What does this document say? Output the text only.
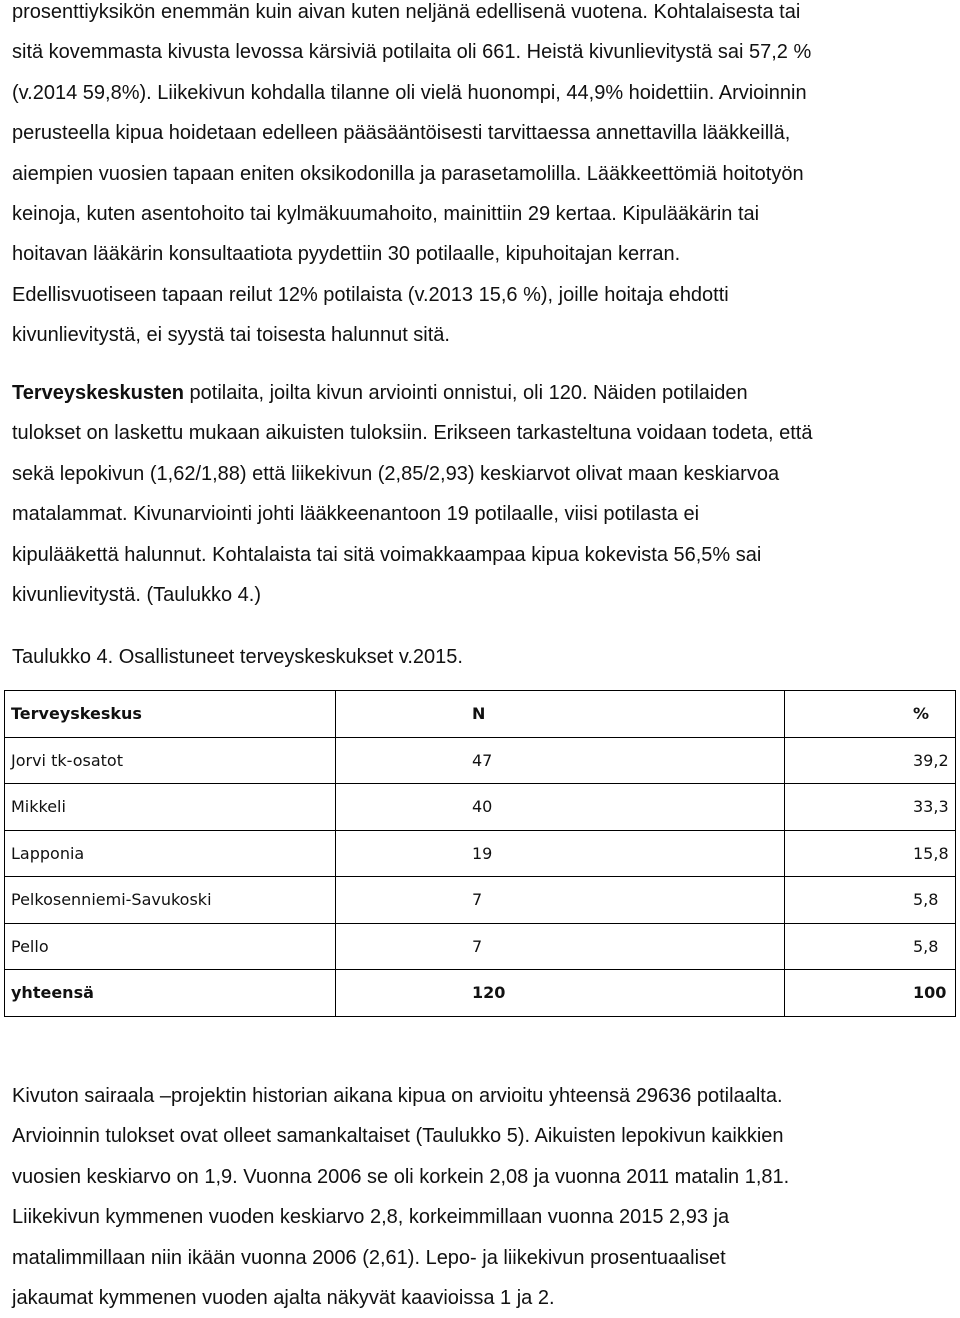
prosenttiyksikön enemmän kuin aivan kuten neljänä edellisenä vuotena. Kohtalaisesta tai
sitä kovemmasta kivusta levossa kärsiviä potilaita oli 661. Heistä kivunlievitystä sai 57,2 %
(v.2014 59,8%). Liikekivun kohdalla tilanne oli vielä huonompi, 44,9% hoidettiin. Arvioinnin
perusteella kipua hoidetaan edelleen pääsääntöisesti tarvittaessa annettavilla lääkkeillä,
aiempien vuosien tapaan eniten oksikodonilla ja parasetamolilla. Lääkkeettömiä hoitotyön
keinoja, kuten asentohoito tai kylmäkuumahoito, mainittiin 29 kertaa. Kipulääkärin tai
hoitavan lääkärin konsultaatiota pyydettiin 30 potilaalle, kipuhoitajan kerran.
Edellisvuotiseen tapaan reilut 12% potilaista (v.2013 15,6 %), joille hoitaja ehdotti
kivunlievitystä, ei syystä tai toisesta halunnut sitä.
Terveyskeskusten potilaita, joilta kivun arviointi onnistui, oli 120. Näiden potilaiden
tulokset on laskettu mukaan aikuisten tuloksiin. Erikseen tarkasteltuna voidaan todeta, että
sekä lepokivun (1,62/1,88) että liikekivun (2,85/2,93) keskiarvot olivat maan keskiarvoa
matalammat. Kivunarviointi johti lääkkeenantoon 19 potilaalle, viisi potilasta ei
kipulääkettä halunnut. Kohtalaista tai sitä voimakkaampaa kipua kokevista 56,5% sai
kivunlievitystä. (Taulukko 4.)
Taulukko 4. Osallistuneet terveyskeskukset v.2015.
Terveyskeskus	N	%
Jorvi tk-osatot	47	39,2
Mikkeli	40	33,3
Lapponia	19	15,8
Pelkosenniemi-Savukoski	7	5,8
Pello	7	5,8
yhteensä	120	100
Kivuton sairaala –projektin historian aikana kipua on arvioitu yhteensä 29636 potilaalta.
Arvioinnin tulokset ovat olleet samankaltaiset (Taulukko 5). Aikuisten lepokivun kaikkien
vuosien keskiarvo on 1,9. Vuonna 2006 se oli korkein 2,08 ja vuonna 2011 matalin 1,81.
Liikekivun kymmenen vuoden keskiarvo 2,8, korkeimmillaan vuonna 2015 2,93 ja
matalimmillaan niin ikään vuonna 2006 (2,61). Lepo- ja liikekivun prosentuaaliset
jakaumat kymmenen vuoden ajalta näkyvät kaavioissa 1 ja 2.
